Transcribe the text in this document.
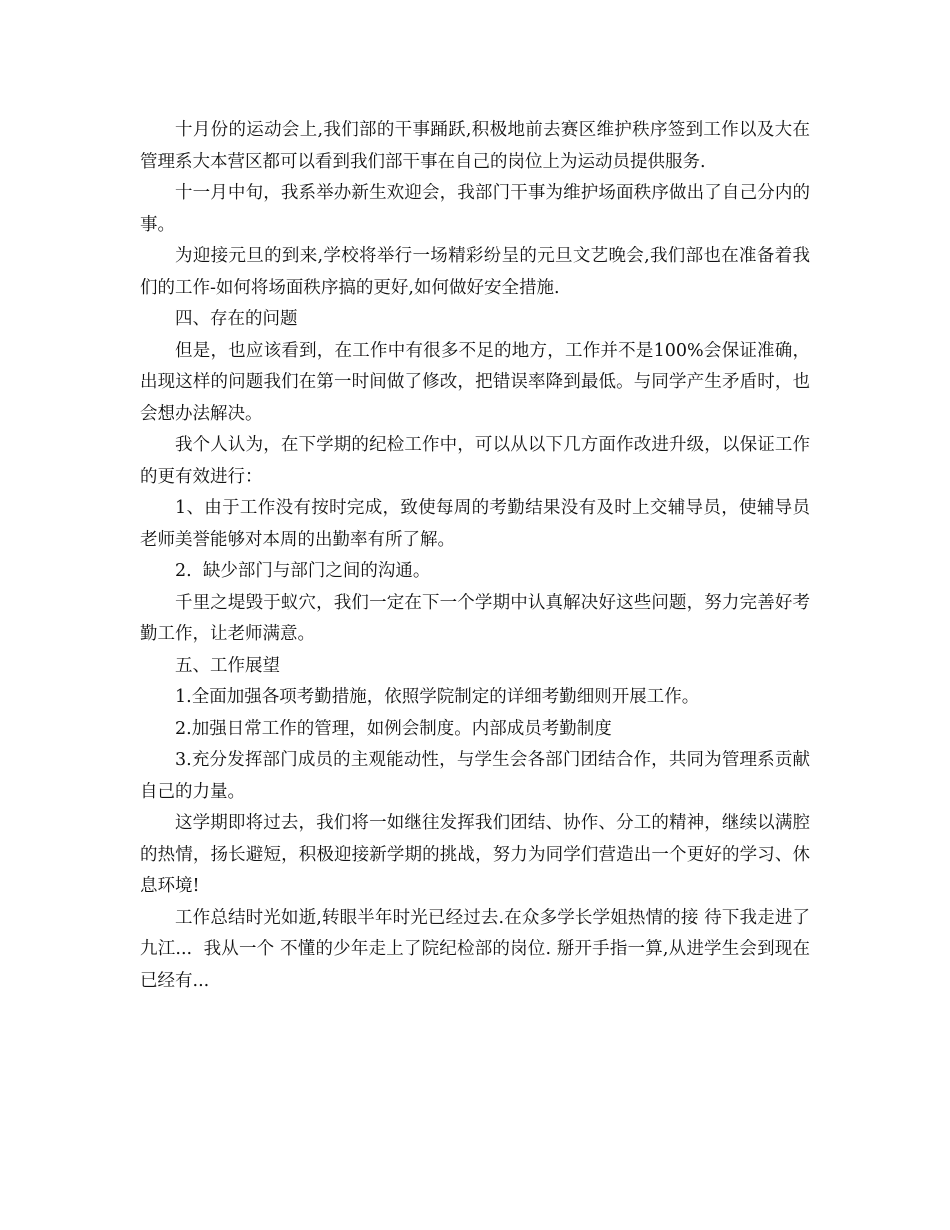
十月份的运动会上,我们部的干事踊跃,积极地前去赛区维护秩序签到工作以及大在管理系大本营区都可以看到我们部干事在自己的岗位上为运动员提供服务.

十一月中旬，我系举办新生欢迎会，我部门干事为维护场面秩序做出了自己分内的事。

为迎接元旦的到来,学校将举行一场精彩纷呈的元旦文艺晚会,我们部也在准备着我们的工作-如何将场面秩序搞的更好,如何做好安全措施.

四、存在的问题

但是，也应该看到，在工作中有很多不足的地方，工作并不是100%会保证准确，出现这样的问题我们在第一时间做了修改，把错误率降到最低。与同学产生矛盾时，也会想办法解决。

我个人认为，在下学期的纪检工作中，可以从以下几方面作改进升级，以保证工作的更有效进行：

1、由于工作没有按时完成，致使每周的考勤结果没有及时上交辅导员，使辅导员老师美誉能够对本周的出勤率有所了解。

2.  缺少部门与部门之间的沟通。

千里之堤毁于蚁穴，我们一定在下一个学期中认真解决好这些问题，努力完善好考勤工作，让老师满意。

五、工作展望

1.全面加强各项考勤措施，依照学院制定的详细考勤细则开展工作。

2.加强日常工作的管理，如例会制度。内部成员考勤制度

3.充分发挥部门成员的主观能动性，与学生会各部门团结合作，共同为管理系贡献自己的力量。

这学期即将过去，我们将一如继往发挥我们团结、协作、分工的精神，继续以满腔的热情，扬长避短，积极迎接新学期的挑战，努力为同学们营造出一个更好的学习、休息环境!

工作总结时光如逝,转眼半年时光已经过去.在众多学长学姐热情的接 待下我走进了九江...  我从一个 不懂的少年走上了院纪检部的岗位. 掰开手指一算,从进学生会到现在已经有...
